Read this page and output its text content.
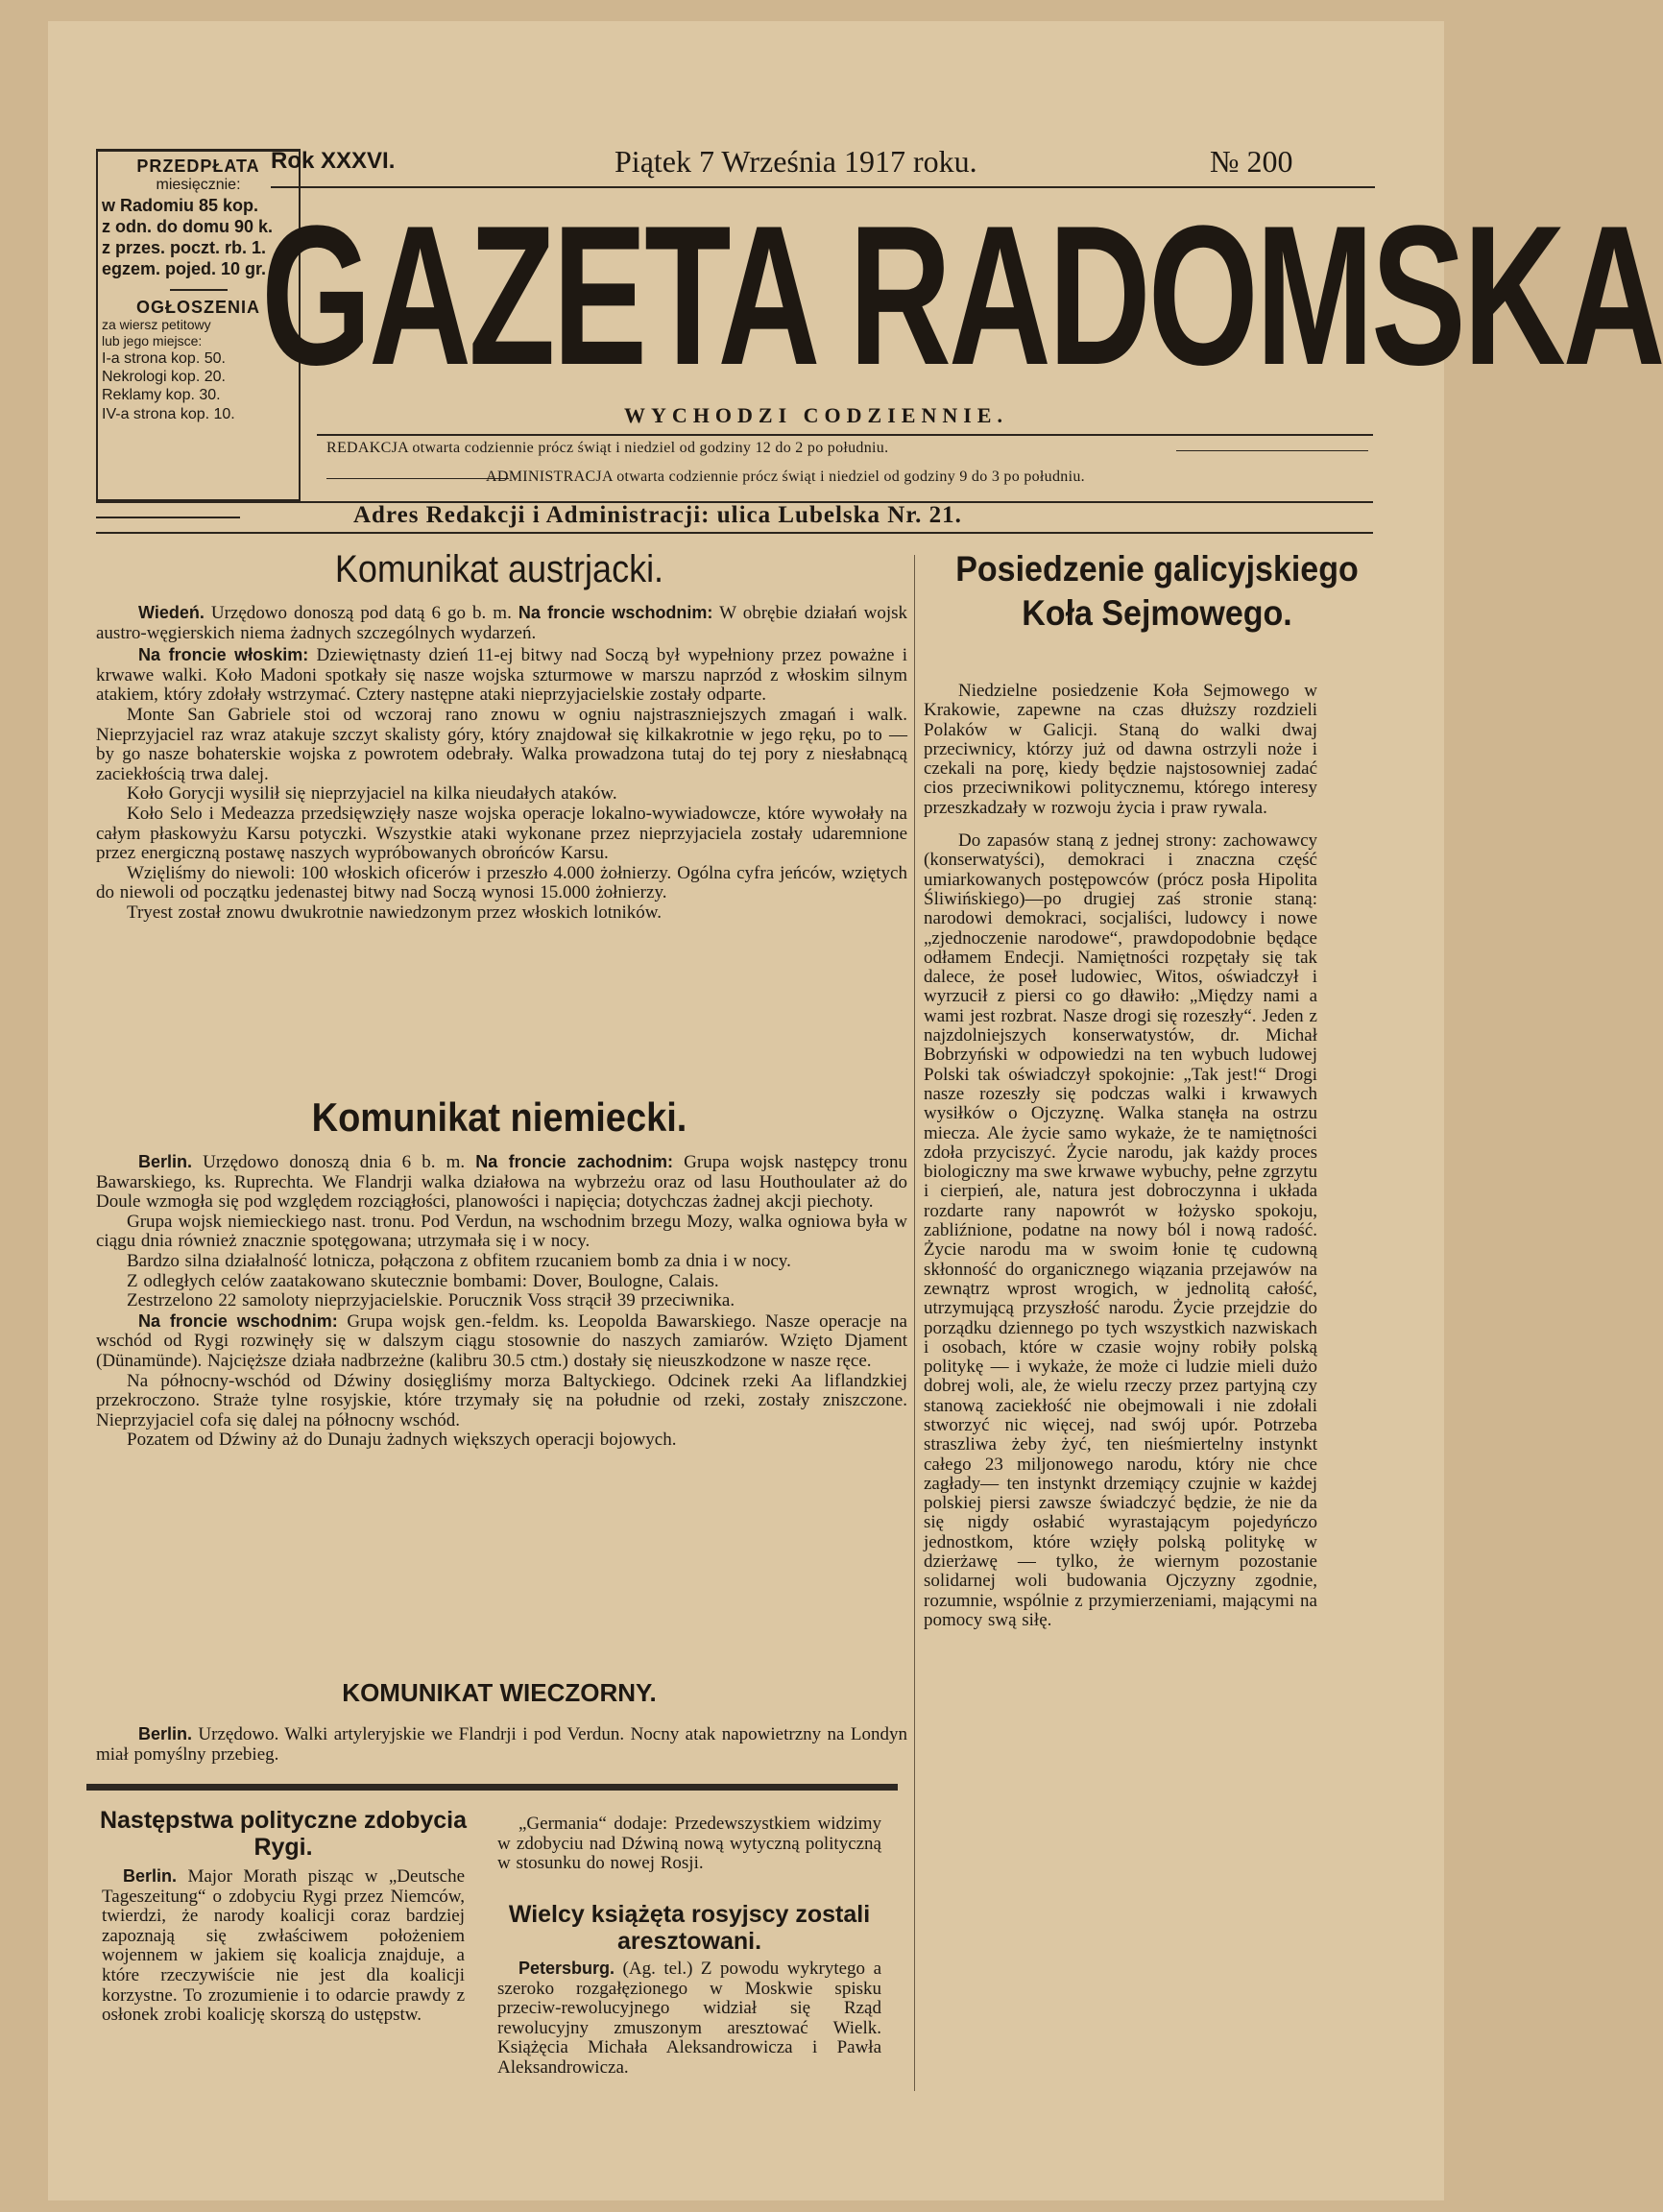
PRZEDPŁATA
miesięcznie:
w Radomiu 85 kop.
z odn. do domu 90 k.
z przes. poczt. rb. 1.
egzem. pojed. 10 gr.
OGŁOSZENIA
za wiersz petitowy
lub jego miejsce:
I-a strona kop. 50.
Nekrologi kop. 20.
Reklamy kop. 30.
IV-a strona kop. 10.
Rok XXXVI.	Piątek 7 Września 1917 roku.	№ 200
GAZETA RADOMSKA
WYCHODZI CODZIENNIE.
REDAKCJA otwarta codziennie prócz świąt i niedziel od godziny 12 do 2 po południu.
ADMINISTRACJA otwarta codziennie prócz świąt i niedziel od godziny 9 do 3 po południu.
Adres Redakcji i Administracji: ulica Lubelska Nr. 21.
Komunikat austrjacki.

Wiedeń. Urzędowo donoszą pod datą 6 go b. m. Na froncie wschodnim: W obrębie działań wojsk austro-węgierskich niema żadnych szczególnych wydarzeń.

Na froncie włoskim: Dziewiętnasty dzień 11-ej bitwy nad Soczą był wypełniony przez poważne i krwawe walki. Koło Madoni spotkały się nasze wojska szturmowe w marszu naprzód z włoskim silnym atakiem, który zdołały wstrzymać. Cztery następne ataki nieprzyjacielskie zostały odparte.

Monte San Gabriele stoi od wczoraj rano znowu w ogniu najstraszniejszych zmagań i walk. Nieprzyjaciel raz wraz atakuje szczyt skalisty góry, który znajdował się kilkakrotnie w jego ręku, po to — by go nasze bohaterskie wojska z powrotem odebrały. Walka prowadzona tutaj do tej pory z niesłabnącą zaciekłością trwa dalej.

Koło Gorycji wysilił się nieprzyjaciel na kilka nieudałych ataków.

Koło Selo i Medeazza przedsięwzięły nasze wojska operacje lokalno-wywiadowcze, które wywołały na całym płaskowyżu Karsu potyczki. Wszystkie ataki wykonane przez nieprzyjaciela zostały udaremnione przez energiczną postawę naszych wypróbowanych obrońców Karsu.

Wzięliśmy do niewoli: 100 włoskich oficerów i przeszło 4.000 żołnierzy. Ogólna cyfra jeńców, wziętych do niewoli od początku jedenastej bitwy nad Soczą wynosi 15.000 żołnierzy.

Tryest został znowu dwukrotnie nawiedzonym przez włoskich lotników.

Komunikat niemiecki.

Berlin. Urzędowo donoszą dnia 6 b. m. Na froncie zachodnim: Grupa wojsk następcy tronu Bawarskiego, ks. Ruprechta. We Flandrji walka działowa na wybrzeżu oraz od lasu Houthoulater aż do Doule wzmogła się pod względem rozciągłości, planowości i napięcia; dotychczas żadnej akcji piechoty.

Grupa wojsk niemieckiego nast. tronu. Pod Verdun, na wschodnim brzegu Mozy, walka ogniowa była w ciągu dnia również znacznie spotęgowana; utrzymała się i w nocy.

Bardzo silna działalność lotnicza, połączona z obfitem rzucaniem bomb za dnia i w nocy.

Z odległych celów zaatakowano skutecznie bombami: Dover, Boulogne, Calais.

Zestrzelono 22 samoloty nieprzyjacielskie. Porucznik Voss strącił 39 przeciwnika.

Na froncie wschodnim: Grupa wojsk gen.-feldm. ks. Leopolda Bawarskiego. Nasze operacje na wschód od Rygi rozwinęły się w dalszym ciągu stosownie do naszych zamiarów. Wzięto Djament (Dünamünde). Najcięższe działa nadbrzeżne (kalibru 30.5 ctm.) dostały się nieuszkodzone w nasze ręce.

Na północny-wschód od Dźwiny dosięgliśmy morza Baltyckiego. Odcinek rzeki Aa liflandzkiej przekroczono. Straże tylne rosyjskie, które trzymały się na południe od rzeki, zostały zniszczone. Nieprzyjaciel cofa się dalej na północny wschód.

Pozatem od Dźwiny aż do Dunaju żadnych większych operacji bojowych.

KOMUNIKAT WIECZORNY.

Berlin. Urzędowo. Walki artyleryjskie we Flandrji i pod Verdun. Nocny atak napowietrzny na Londyn miał pomyślny przebieg.

Następstwa polityczne zdobycia Rygi.

Berlin. Major Morath pisząc w „Deutsche Tageszeitung“ o zdobyciu Rygi przez Niemców, twierdzi, że narody koalicji coraz bardziej zapoznają się zwłaściwem położeniem wojennem w jakiem się koalicja znajduje, a które rzeczywiście nie jest dla koalicji korzystne. To zrozumienie i to odarcie prawdy z osłonek zrobi koalicję skorszą do ustępstw.

„Germania“ dodaje: Przedewszystkiem widzimy w zdobyciu nad Dźwiną nową wytyczną polityczną w stosunku do nowej Rosji.

Wielcy książęta rosyjscy zostali aresztowani.

Petersburg. (Ag. tel.) Z powodu wykrytego a szeroko rozgałęzionego w Moskwie spisku przeciw-rewolucyjnego widział się Rząd rewolucyjny zmuszonym aresztować Wielk. Książęcia Michała Aleksandrowicza i Pawła Aleksandrowicza.

Posiedzenie galicyjskiego
Koła Sejmowego.

Niedzielne posiedzenie Koła Sejmowego w Krakowie, zapewne na czas dłuższy rozdzieli Polaków w Galicji. Staną do walki dwaj przeciwnicy, którzy już od dawna ostrzyli noże i czekali na porę, kiedy będzie najstosowniej zadać cios przeciwnikowi politycznemu, którego interesy przeszkadzały w rozwoju życia i praw rywala.

Do zapasów staną z jednej strony: zachowawcy (konserwatyści), demokraci i znaczna część umiarkowanych postępowców (prócz posła Hipolita Śliwińskiego)—po drugiej zaś stronie staną: narodowi demokraci, socjaliści, ludowcy i nowe „zjednoczenie narodowe“, prawdopodobnie będące odłamem Endecji. Namiętności rozpętały się tak dalece, że poseł ludowiec, Witos, oświadczył i wyrzucił z piersi co go dławiło: „Między nami a wami jest rozbrat. Nasze drogi się rozeszły“. Jeden z najzdolniejszych konserwatystów, dr. Michał Bobrzyński w odpowiedzi na ten wybuch ludowej Polski tak oświadczył spokojnie: „Tak jest!“ Drogi nasze rozeszły się podczas walki i krwawych wysiłków o Ojczyznę. Walka stanęła na ostrzu miecza. Ale życie samo wykaże, że te namiętności zdoła przyciszyć. Życie narodu, jak każdy proces biologiczny ma swe krwawe wybuchy, pełne zgrzytu i cierpień, ale, natura jest dobroczynna i układa rozdarte rany napowrót w łożysko spokoju, zabliźnione, podatne na nowy ból i nową radość. Życie narodu ma w swoim łonie tę cudowną skłonność do organicznego wiązania przejawów na zewnątrz wprost wrogich, w jednolitą całość, utrzymującą przyszłość narodu. Życie przejdzie do porządku dziennego po tych wszystkich nazwiskach i osobach, które w czasie wojny robiły polską politykę — i wykaże, że może ci ludzie mieli dużo dobrej woli, ale, że wielu rzeczy przez partyjną czy stanową zaciekłość nie obejmowali i nie zdołali stworzyć nic więcej, nad swój upór. Potrzeba straszliwa żeby żyć, ten nieśmiertelny instynkt całego 23 miljonowego narodu, który nie chce zagłady— ten instynkt drzemiący czujnie w każdej polskiej piersi zawsze świadczyć będzie, że nie da się nigdy osłabić wyrastającym pojedyńczo jednostkom, które wzięły polską politykę w dzierżawę — tylko, że wiernym pozostanie solidarnej woli budowania Ojczyzny zgodnie, rozumnie, wspólnie z przymierzeniami, mającymi na pomocy swą siłę.
